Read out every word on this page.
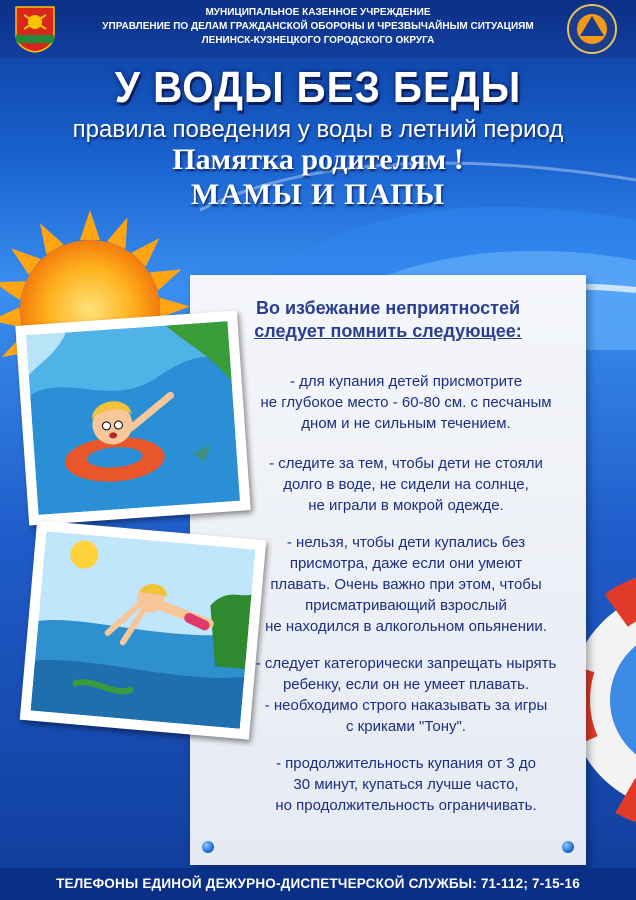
МУНИЦИПАЛЬНОЕ КАЗЕННОЕ УЧРЕЖДЕНИЕ
УПРАВЛЕНИЕ ПО ДЕЛАМ ГРАЖДАНСКОЙ ОБОРОНЫ И ЧРЕЗВЫЧАЙНЫМ СИТУАЦИЯМ
ЛЕНИНСК-КУЗНЕЦКОГО ГОРОДСКОГО ОКРУГА
У ВОДЫ БЕЗ БЕДЫ
правила поведения у воды в летний период
Памятка родителям !
МАМЫ И ПАПЫ
Во избежание неприятностей
следует помнить следующее:
- для купания детей присмотрите
не глубокое место - 60-80 см. с песчаным
дном и не сильным течением.
- следите за тем, чтобы дети не стояли
долго в воде, не сидели на солнце,
не играли в мокрой одежде.
- нельзя, чтобы дети купались без
присмотра, даже если они умеют
плавать. Очень важно при этом, чтобы
присматривающий взрослый
не находился в алкогольном опьянении.
- следует категорически запрещать нырять
ребенку, если он не умеет плавать.
- необходимо строго наказывать за игры
с криками "Тону".
- продолжительность купания от 3 до
30 минут, купаться лучше часто,
но продолжительность ограничивать.
ТЕЛЕФОНЫ ЕДИНОЙ ДЕЖУРНО-ДИСПЕТЧЕРСКОЙ СЛУЖБЫ: 71-112; 7-15-16
